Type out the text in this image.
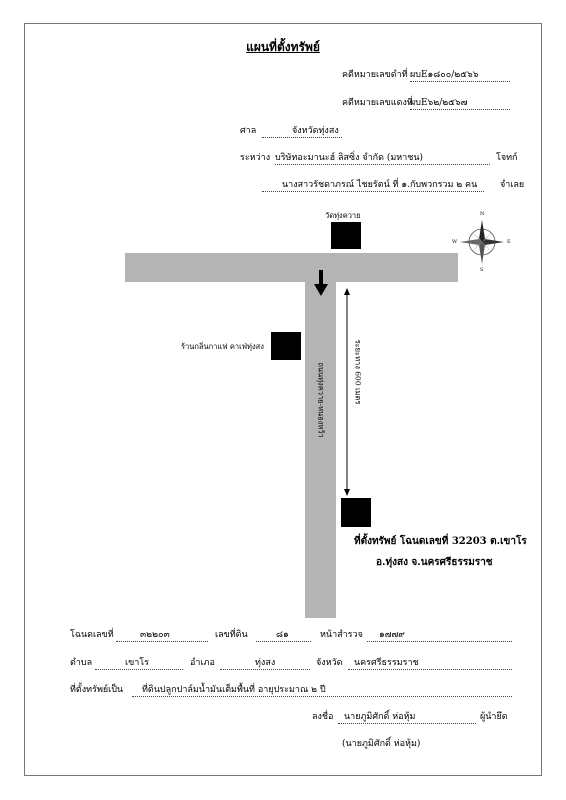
แผนที่ตั้งทรัพย์
คดีหมายเลขดำที่ ผบE๑๘๐๐/๒๕๖๖
คดีหมายเลขแดงที่
ผบE๖๒/๒๕๖๗
ศาล	จังหวัดทุ่งสง
ระหว่าง บริษัทอะมานะฮ์ ลิสซิ่ง จำกัด (มหาชน)	โจทก์
นางสาวรัชดาภรณ์ ไชยรัตน์ ที่ ๑.กับพวกรวม ๒ คน	จำเลย
วัดทุ่งควาย
ร้านกลิ่นกาแฟ คาเฟ่ทุ่งสง
ถนนทุ่งควาย-หนองหว้า	ระยะทาง 600 เมตร
ที่ตั้งทรัพย์ โฉนดเลขที่ 32203 ต.เขาโร
อ.ทุ่งสง จ.นครศรีธรรมราช
N
S
E
W
โฉนดเลขที่	๓๒๒๐๓	เลขที่ดิน	๘๑	หน้าสำรวจ	๑๗๗๙
ตำบล	เขาโร	อำเภอ	ทุ่งสง	จังหวัด	นครศรีธรรมราช
ที่ตั้งทรัพย์เป็น	ที่ดินปลูกปาล์มน้ำมันเต็มพื้นที่ อายุประมาณ ๒ ปี
ลงชื่อ	นายภูมิศักดิ์ ห่อหุ้ม	ผู้นำยึด
(นายภูมิศักดิ์ ห่อหุ้ม)
